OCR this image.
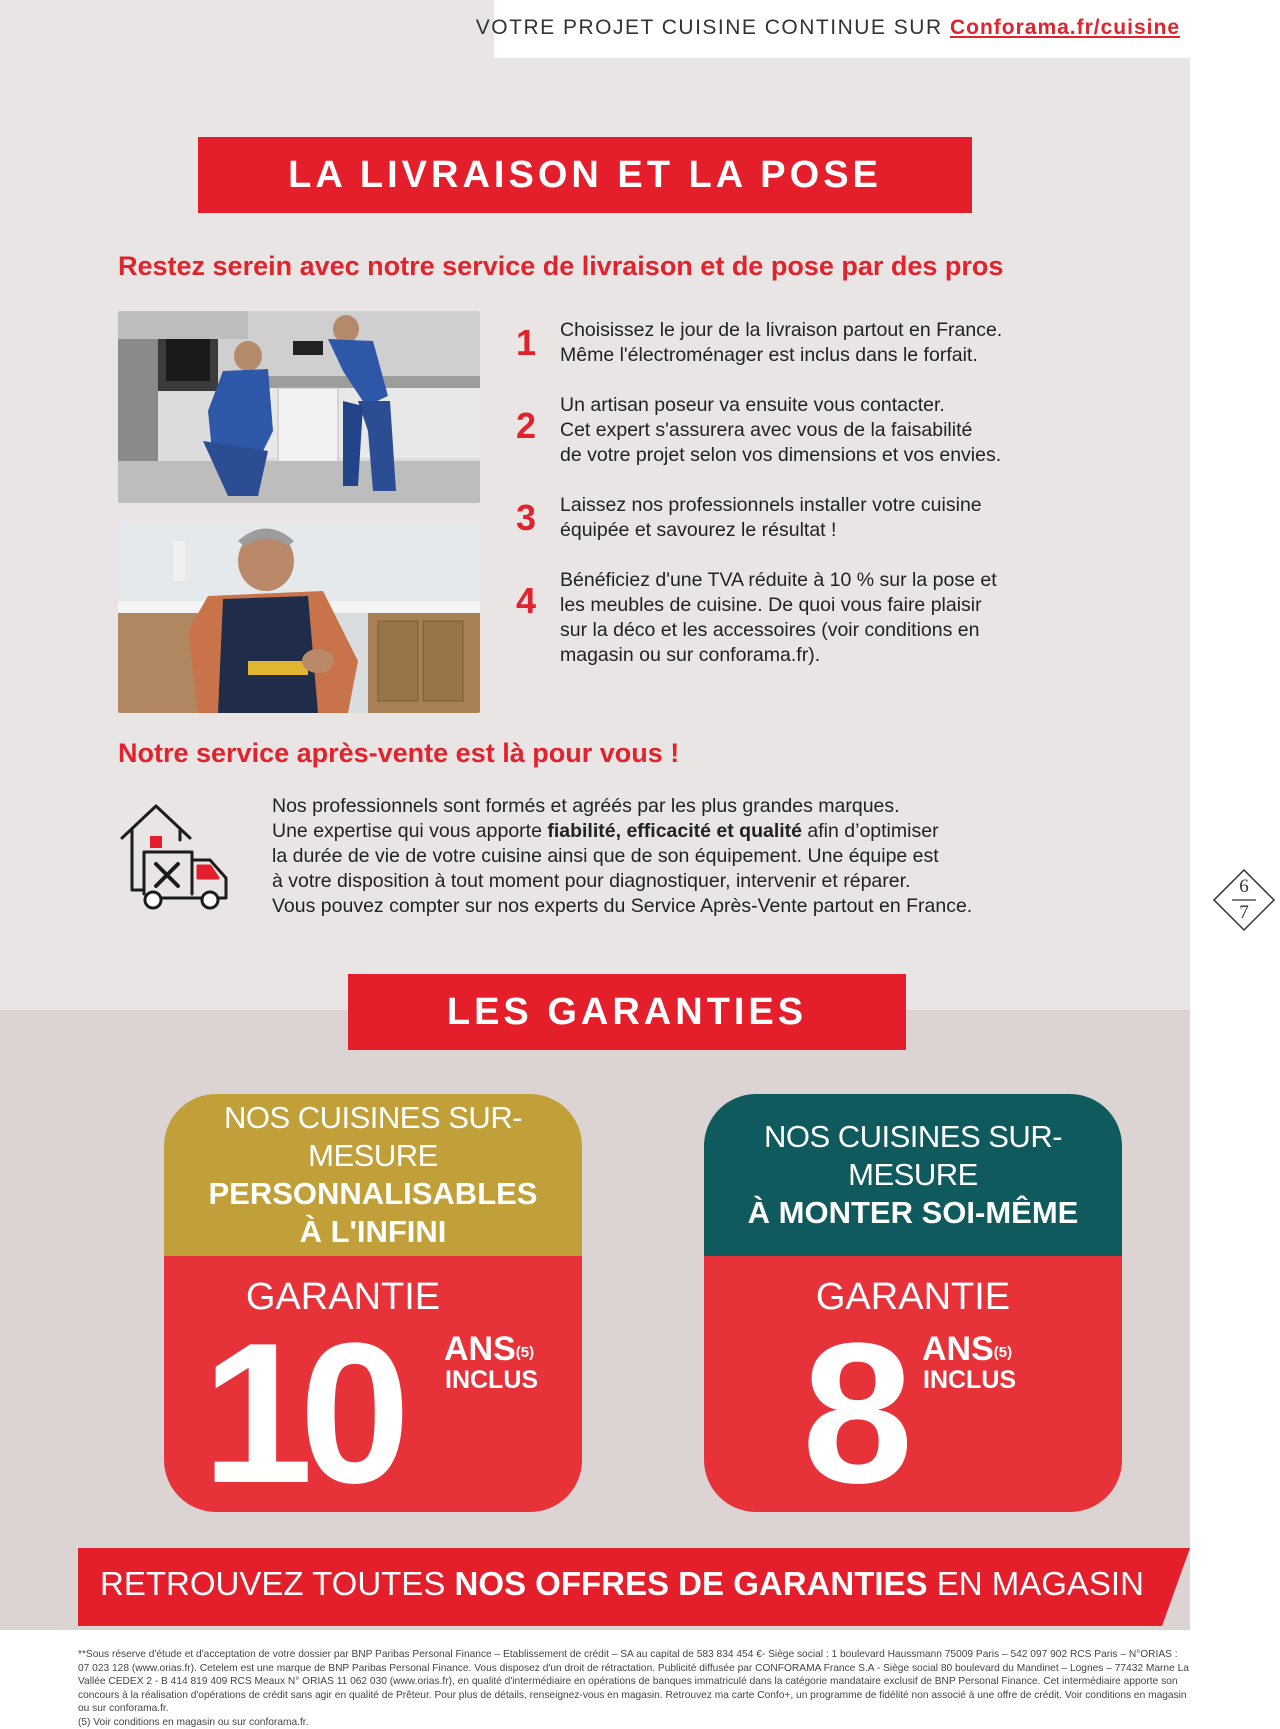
VOTRE PROJET CUISINE CONTINUE SUR Conforama.fr/cuisine
LA LIVRAISON ET LA POSE
Restez serein avec notre service de livraison et de pose par des pros
1 Choisissez le jour de la livraison partout en France.
Même l'électroménager est inclus dans le forfait.
2 Un artisan poseur va ensuite vous contacter.
Cet expert s'assurera avec vous de la faisabilité
de votre projet selon vos dimensions et vos envies.
3 Laissez nos professionnels installer votre cuisine
équipée et savourez le résultat !
4 Bénéficiez d'une TVA réduite à 10 % sur la pose et
les meubles de cuisine. De quoi vous faire plaisir
sur la déco et les accessoires (voir conditions en
magasin ou sur conforama.fr).
Notre service après-vente est là pour vous !

Nos professionnels sont formés et agréés par les plus grandes marques.

Une expertise qui vous apporte fiabilité, efficacité et qualité afin d’optimiser

la durée de vie de votre cuisine ainsi que de son équipement. Une équipe est

à votre disposition à tout moment pour diagnostiquer, intervenir et réparer.

Vous pouvez compter sur nos experts du Service Après-Vente partout en France.

6
7
LES GARANTIES
NOS CUISINES SUR-MESURE
PERSONNALISABLES
À L'INFINI
GARANTIE
10 ANS$^{(5)}$
INCLUS
NOS CUISINES SUR-MESURE
À MONTER SOI-MÊME
GARANTIE
8 ANS$^{(5)}$
INCLUS
RETROUVEZ TOUTES NOS OFFRES DE GARANTIES EN MAGASIN

**Sous réserve d'étude et d'acceptation de votre dossier par BNP Paribas Personal Finance – Etablissement de crédit – SA au capital de 583 834 454 €- Siège social : 1 boulevard Haussmann 75009 Paris – 542 097 902 RCS Paris – N°ORIAS : 07 023 128 (www.orias.fr). Cetelem est une marque de BNP Paribas Personal Finance. Vous disposez d'un droit de rétractation. Publicité diffusée par CONFORAMA France S.A - Siège social 80 boulevard du Mandinet – Lognes – 77432 Marne La Vallée CEDEX 2 - B 414 819 409 RCS Meaux N° ORIAS 11 062 030 (www.orias.fr), en qualité d'intermédiaire en opérations de banques immatriculé dans la catégorie mandataire exclusif de BNP Personal Finance. Cet intermédiaire apporte son concours à la réalisation d'opérations de crédit sans agir en qualité de Prêteur. Pour plus de détails, renseignez-vous en magasin. Retrouvez ma carte Confo+, un programme de fidélité non associé à une offre de crédit. Voir conditions en magasin ou sur conforama.fr.

(5) Voir conditions en magasin ou sur conforama.fr.
